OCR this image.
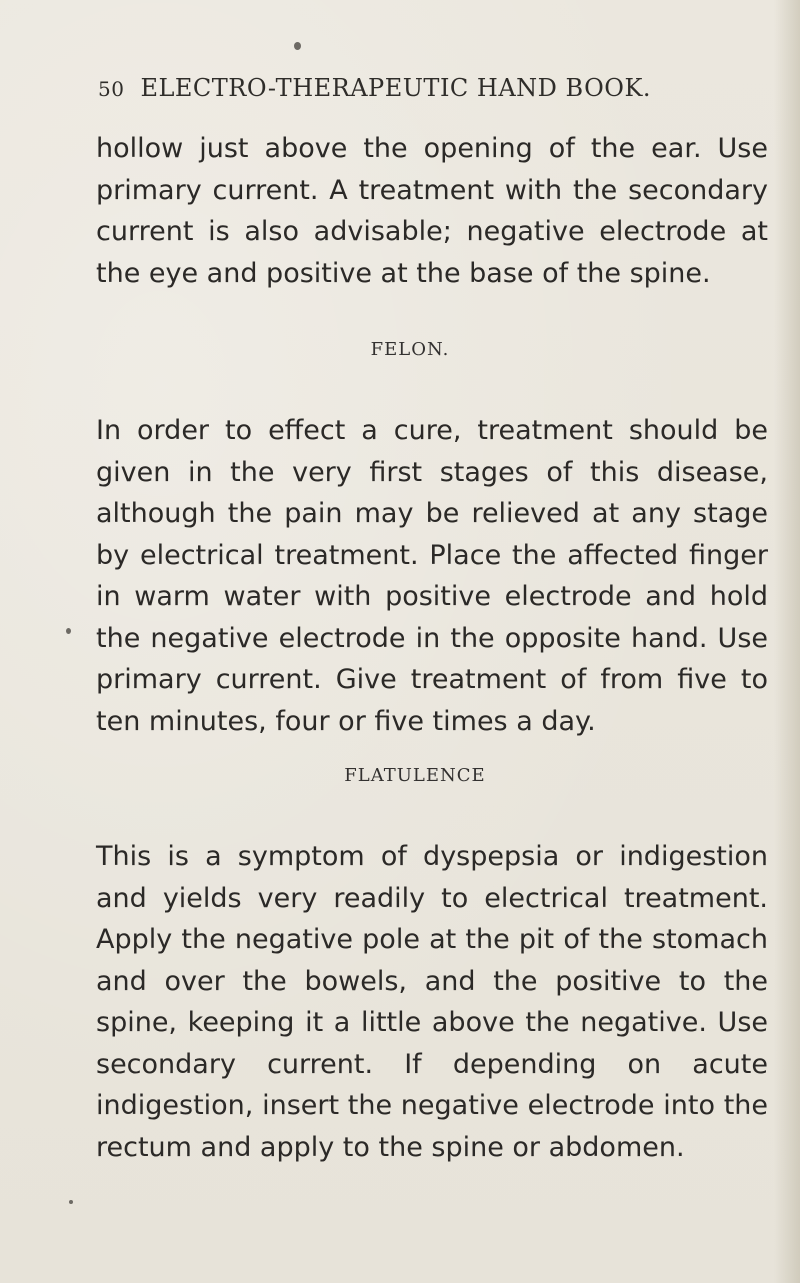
50 ELECTRO-THERAPEUTIC HAND BOOK.
hollow just above the opening of the ear. Use primary current. A treatment with the secondary current is also advisable; negative electrode at the eye and positive at the base of the spine.
FELON.
In order to effect a cure, treatment should be given in the very first stages of this disease, although the pain may be relieved at any stage by electrical treatment. Place the affected finger in warm water with positive electrode and hold the negative electrode in the opposite hand. Use primary current. Give treatment of from five to ten minutes, four or five times a day.
FLATULENCE
This is a symptom of dyspepsia or indigestion and yields very readily to electrical treatment. Apply the negative pole at the pit of the stomach and over the bowels, and the positive to the spine, keeping it a little above the negative. Use secondary current. If depending on acute indigestion, insert the negative electrode into the rectum and apply to the spine or abdomen.
